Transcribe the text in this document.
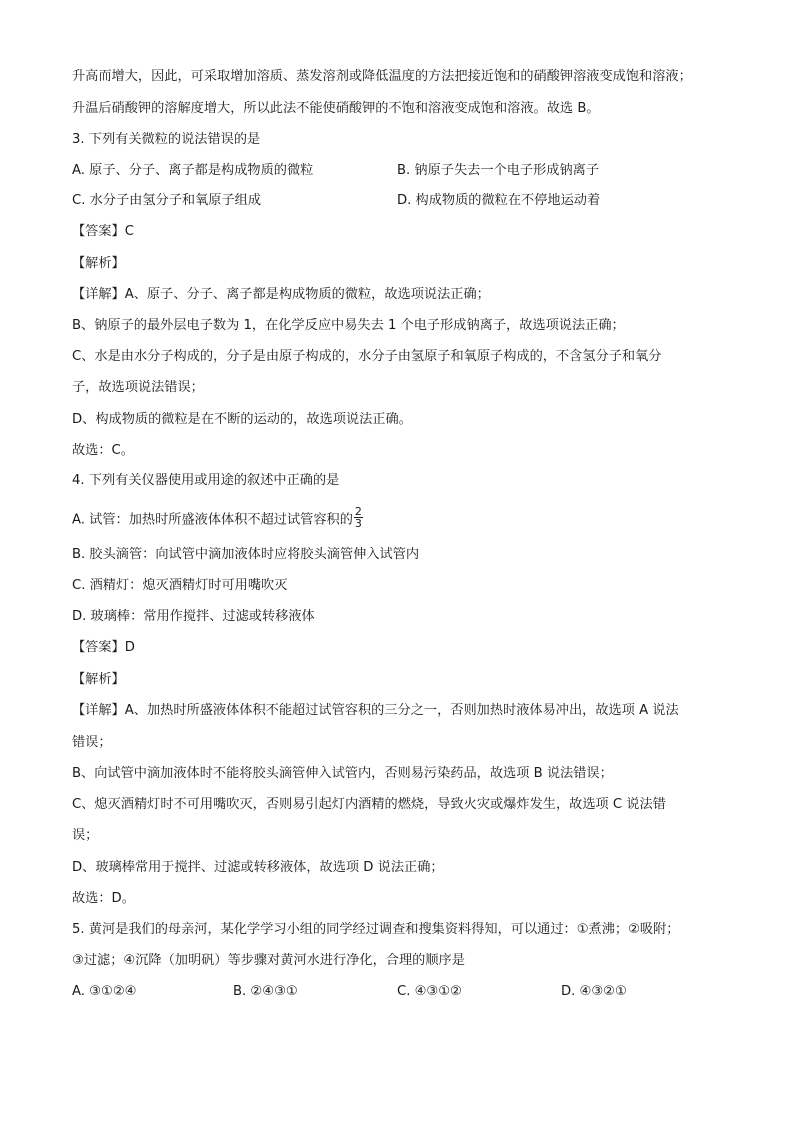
升高而增大，因此，可采取增加溶质、蒸发溶剂或降低温度的方法把接近饱和的硝酸钾溶液变成饱和溶液；
升温后硝酸钾的溶解度增大，所以此法不能使硝酸钾的不饱和溶液变成饱和溶液。故选 B。
3. 下列有关微粒的说法错误的是
A. 原子、分子、离子都是构成物质的微粒	B. 钠原子失去一个电子形成钠离子
C. 水分子由氢分子和氧原子组成	D. 构成物质的微粒在不停地运动着
【答案】C
【解析】
【详解】A、原子、分子、离子都是构成物质的微粒，故选项说法正确；
B、钠原子的最外层电子数为 1，在化学反应中易失去 1 个电子形成钠离子，故选项说法正确；
C、水是由水分子构成的，分子是由原子构成的，水分子由氢原子和氧原子构成的，不含氢分子和氧分
子，故选项说法错误；
D、构成物质的微粒是在不断的运动的，故选项说法正确。
故选：C。
4. 下列有关仪器使用或用途的叙述中正确的是
A. 试管：加热时所盛液体体积不超过试管容积的 $\frac{2}{3}$
B. 胶头滴管：向试管中滴加液体时应将胶头滴管伸入试管内
C. 酒精灯：熄灭酒精灯时可用嘴吹灭
D. 玻璃棒：常用作搅拌、过滤或转移液体
【答案】D
【解析】
【详解】A、加热时所盛液体体积不能超过试管容积的三分之一，否则加热时液体易冲出，故选项 A 说法
错误；
B、向试管中滴加液体时不能将胶头滴管伸入试管内，否则易污染药品，故选项 B 说法错误；
C、熄灭酒精灯时不可用嘴吹灭，否则易引起灯内酒精的燃烧，导致火灾或爆炸发生，故选项 C 说法错
误；
D、玻璃棒常用于搅拌、过滤或转移液体，故选项 D 说法正确；
故选：D。
5. 黄河是我们的母亲河，某化学学习小组的同学经过调查和搜集资料得知，可以通过：①煮沸；②吸附；
③过滤；④沉降（加明矾）等步骤对黄河水进行净化，合理的顺序是
A. ③①②④	B. ②④③①	C. ④③①②	D. ④③②①
